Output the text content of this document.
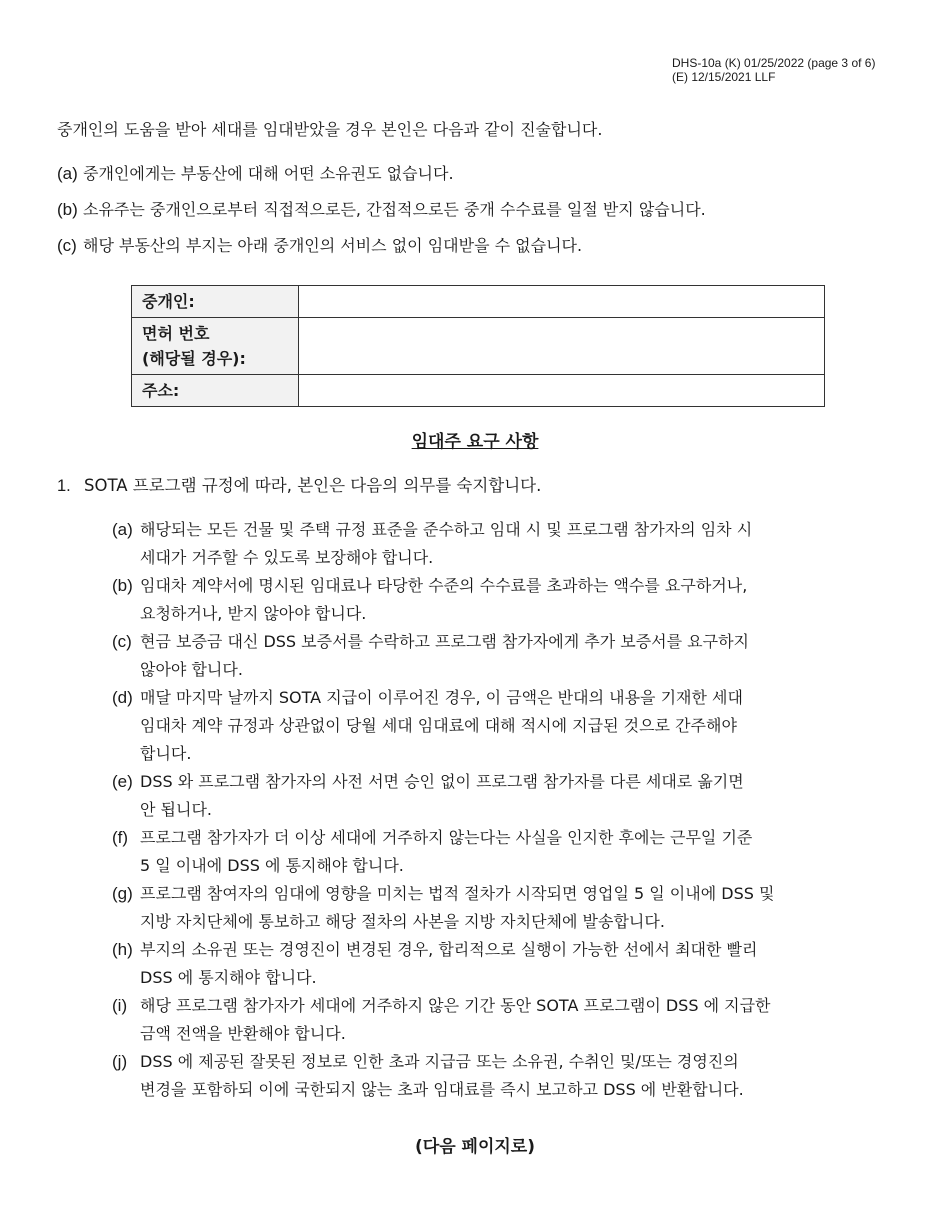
DHS-10a (K) 01/25/2022 (page 3 of 6)
(E) 12/15/2021 LLF
중개인의 도움을 받아 세대를 임대받았을 경우 본인은 다음과 같이 진술합니다.
(a) 중개인에게는 부동산에 대해 어떤 소유권도 없습니다.
(b) 소유주는 중개인으로부터 직접적으로든, 간접적으로든 중개 수수료를 일절 받지 않습니다.
(c) 해당 부동산의 부지는 아래 중개인의 서비스 없이 임대받을 수 없습니다.
중개인:	
면허 번호
(해당될 경우):	
주소:	
임대주 요구 사항
1. SOTA 프로그램 규정에 따라, 본인은 다음의 의무를 숙지합니다.
(a) 해당되는 모든 건물 및 주택 규정 표준을 준수하고 임대 시 및 프로그램 참가자의 임차 시
세대가 거주할 수 있도록 보장해야 합니다.
(b) 임대차 계약서에 명시된 임대료나 타당한 수준의 수수료를 초과하는 액수를 요구하거나,
요청하거나, 받지 않아야 합니다.
(c) 현금 보증금 대신 DSS 보증서를 수락하고 프로그램 참가자에게 추가 보증서를 요구하지
않아야 합니다.
(d) 매달 마지막 날까지 SOTA 지급이 이루어진 경우, 이 금액은 반대의 내용을 기재한 세대
임대차 계약 규정과 상관없이 당월 세대 임대료에 대해 적시에 지급된 것으로 간주해야
합니다.
(e) DSS 와 프로그램 참가자의 사전 서면 승인 없이 프로그램 참가자를 다른 세대로 옮기면
안 됩니다.
(f) 프로그램 참가자가 더 이상 세대에 거주하지 않는다는 사실을 인지한 후에는 근무일 기준
5 일 이내에 DSS 에 통지해야 합니다.
(g) 프로그램 참여자의 임대에 영향을 미치는 법적 절차가 시작되면 영업일 5 일 이내에 DSS 및
지방 자치단체에 통보하고 해당 절차의 사본을 지방 자치단체에 발송합니다.
(h) 부지의 소유권 또는 경영진이 변경된 경우, 합리적으로 실행이 가능한 선에서 최대한 빨리
DSS 에 통지해야 합니다.
(i) 해당 프로그램 참가자가 세대에 거주하지 않은 기간 동안 SOTA 프로그램이 DSS 에 지급한
금액 전액을 반환해야 합니다.
(j) DSS 에 제공된 잘못된 정보로 인한 초과 지급금 또는 소유권, 수취인 및/또는 경영진의
변경을 포함하되 이에 국한되지 않는 초과 임대료를 즉시 보고하고 DSS 에 반환합니다.
(다음 페이지로)
